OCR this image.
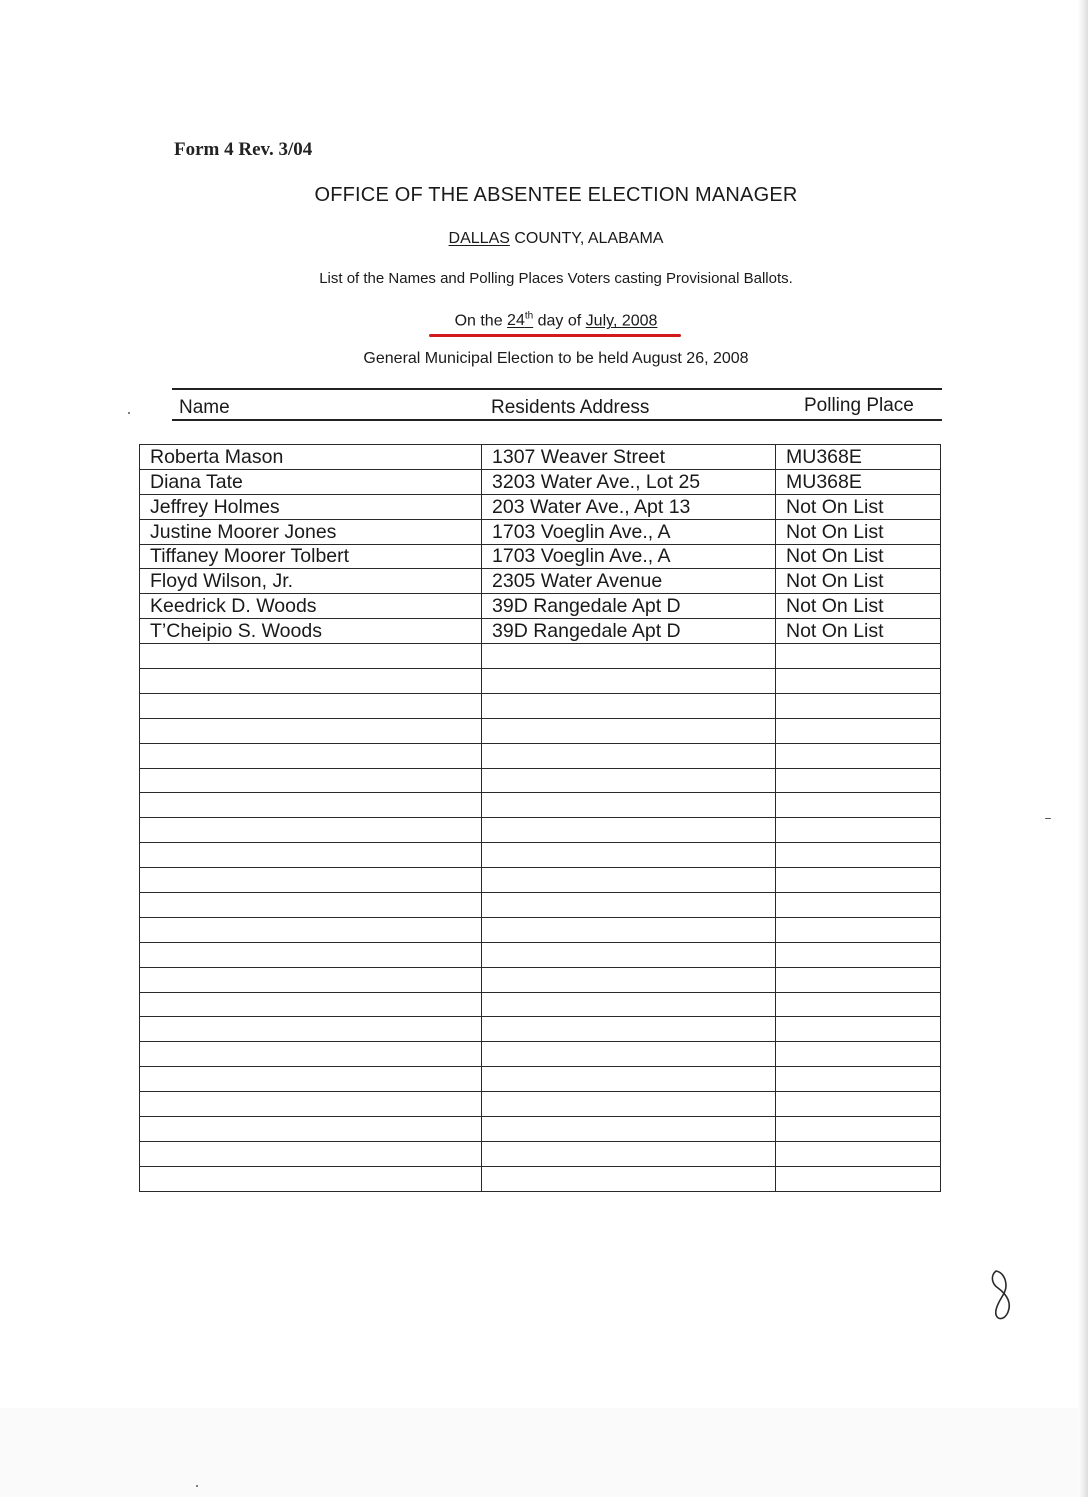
Form 4 Rev. 3/04
OFFICE OF THE ABSENTEE ELECTION MANAGER
DALLAS COUNTY, ALABAMA
List of the Names and Polling Places Voters casting Provisional Ballots.
On the 24th day of July, 2008
General Municipal Election to be held August 26, 2008
Name	Residents Address	Polling Place
Roberta Mason	1307 Weaver Street	MU368E
Diana Tate	3203 Water Ave., Lot 25	MU368E
Jeffrey Holmes	203 Water Ave., Apt 13	Not On List
Justine Moorer Jones	1703 Voeglin Ave., A	Not On List
Tiffaney Moorer Tolbert	1703 Voeglin Ave., A	Not On List
Floyd Wilson, Jr.	2305 Water Avenue	Not On List
Keedrick D. Woods	39D Rangedale Apt D	Not On List
T’Cheipio S. Woods	39D Rangedale Apt D	Not On List
